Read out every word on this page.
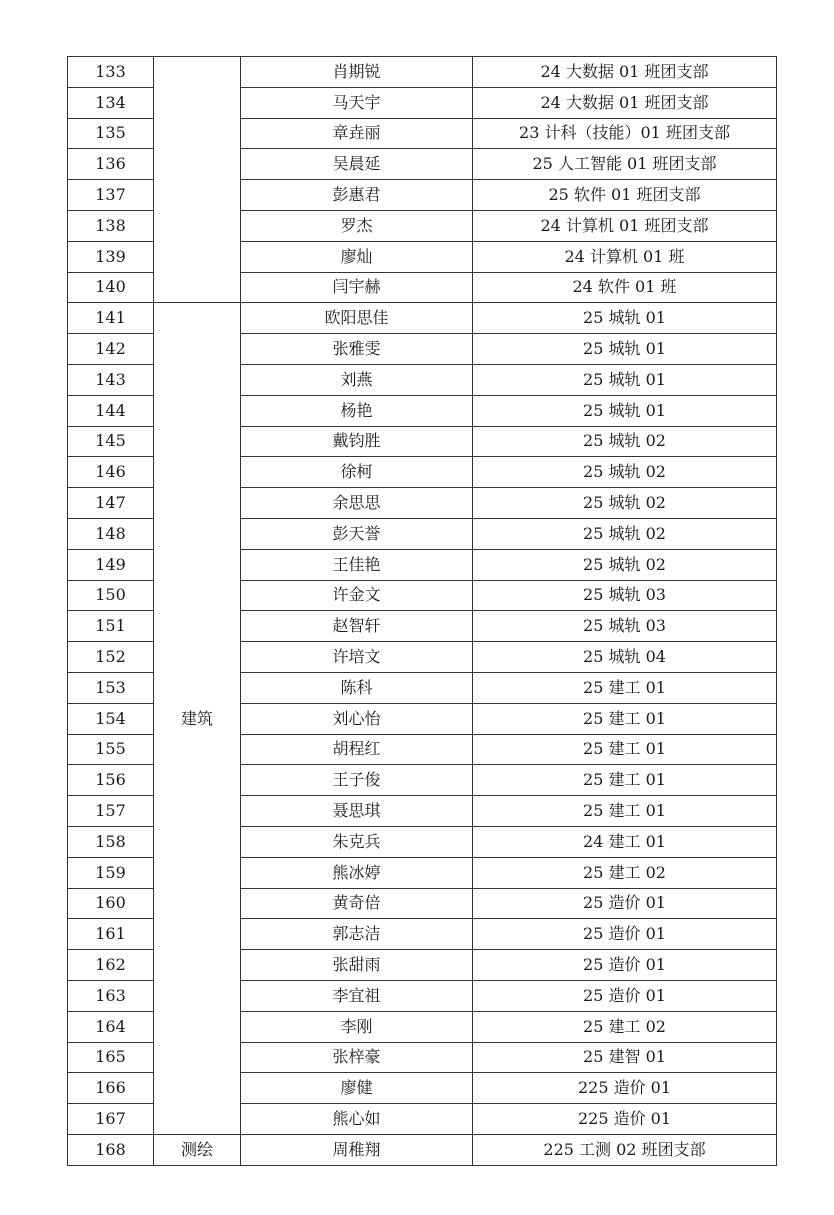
133		肖期锐	24 大数据 01 班团支部
134		马天宇	24 大数据 01 班团支部
135		章垚丽	23 计科（技能）01 班团支部
136		吴晨延	25 人工智能 01 班团支部
137		彭惠君	25 软件 01 班团支部
138		罗杰	24 计算机 01 班团支部
139		廖灿	24 计算机 01 班
140		闫宇赫	24 软件 01 班
141	建筑	欧阳思佳	25 城轨 01
142		张雅雯	25 城轨 01
143		刘燕	25 城轨 01
144		杨艳	25 城轨 01
145		戴钧胜	25 城轨 02
146		徐柯	25 城轨 02
147		余思思	25 城轨 02
148		彭天誉	25 城轨 02
149		王佳艳	25 城轨 02
150		许金文	25 城轨 03
151		赵智轩	25 城轨 03
152		许培文	25 城轨 04
153		陈科	25 建工 01
154		刘心怡	25 建工 01
155		胡程红	25 建工 01
156		王子俊	25 建工 01
157		聂思琪	25 建工 01
158		朱克兵	24 建工 01
159		熊冰婷	25 建工 02
160		黄奇倍	25 造价 01
161		郭志洁	25 造价 01
162		张甜雨	25 造价 01
163		李宜祖	25 造价 01
164		李刚	25 建工 02
165		张梓豪	25 建智 01
166		廖健	225 造价 01
167		熊心如	225 造价 01
168	测绘	周稚翔	225 工测 02 班团支部
